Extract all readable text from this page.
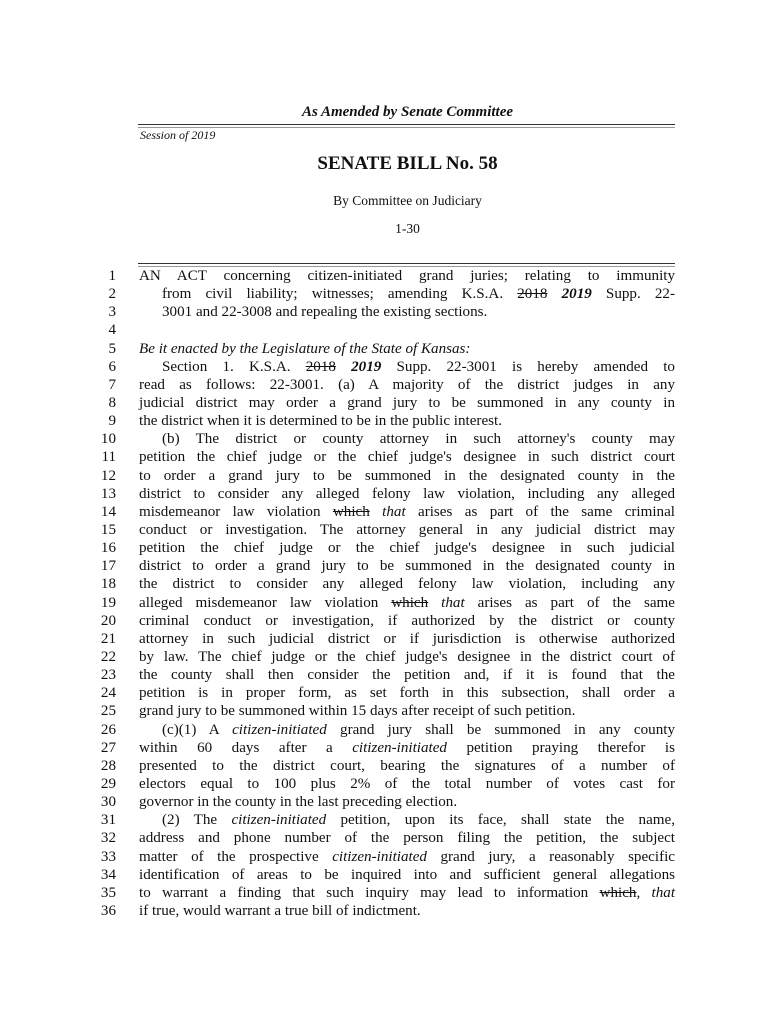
As Amended by Senate Committee
Session of 2019
SENATE BILL No. 58
By Committee on Judiciary
1-30
1 AN ACT concerning citizen-initiated grand juries; relating to immunity
2	from civil liability; witnesses; amending K.S.A. 2018 2019 Supp. 22-
3	3001 and 22-3008 and repealing the existing sections.
4
5 Be it enacted by the Legislature of the State of Kansas:
6	Section 1. K.S.A. 2018 2019 Supp. 22-3001 is hereby amended to
7 read as follows: 22-3001. (a) A majority of the district judges in any
8 judicial district may order a grand jury to be summoned in any county in
9 the district when it is determined to be in the public interest.
10	(b) The district or county attorney in such attorney's county may
11 petition the chief judge or the chief judge's designee in such district court
12 to order a grand jury to be summoned in the designated county in the
13 district to consider any alleged felony law violation, including any alleged
14 misdemeanor law violation which that arises as part of the same criminal
15 conduct or investigation. The attorney general in any judicial district may
16 petition the chief judge or the chief judge's designee in such judicial
17 district to order a grand jury to be summoned in the designated county in
18 the district to consider any alleged felony law violation, including any
19 alleged misdemeanor law violation which that arises as part of the same
20 criminal conduct or investigation, if authorized by the district or county
21 attorney in such judicial district or if jurisdiction is otherwise authorized
22 by law. The chief judge or the chief judge's designee in the district court of
23 the county shall then consider the petition and, if it is found that the
24 petition is in proper form, as set forth in this subsection, shall order a
25 grand jury to be summoned within 15 days after receipt of such petition.
26	(c)(1) A citizen-initiated grand jury shall be summoned in any county
27 within 60 days after a citizen-initiated petition praying therefor is
28 presented to the district court, bearing the signatures of a number of
29 electors equal to 100 plus 2% of the total number of votes cast for
30 governor in the county in the last preceding election.
31	(2) The citizen-initiated petition, upon its face, shall state the name,
32 address and phone number of the person filing the petition, the subject
33 matter of the prospective citizen-initiated grand jury, a reasonably specific
34 identification of areas to be inquired into and sufficient general allegations
35 to warrant a finding that such inquiry may lead to information which, that
36 if true, would warrant a true bill of indictment.
